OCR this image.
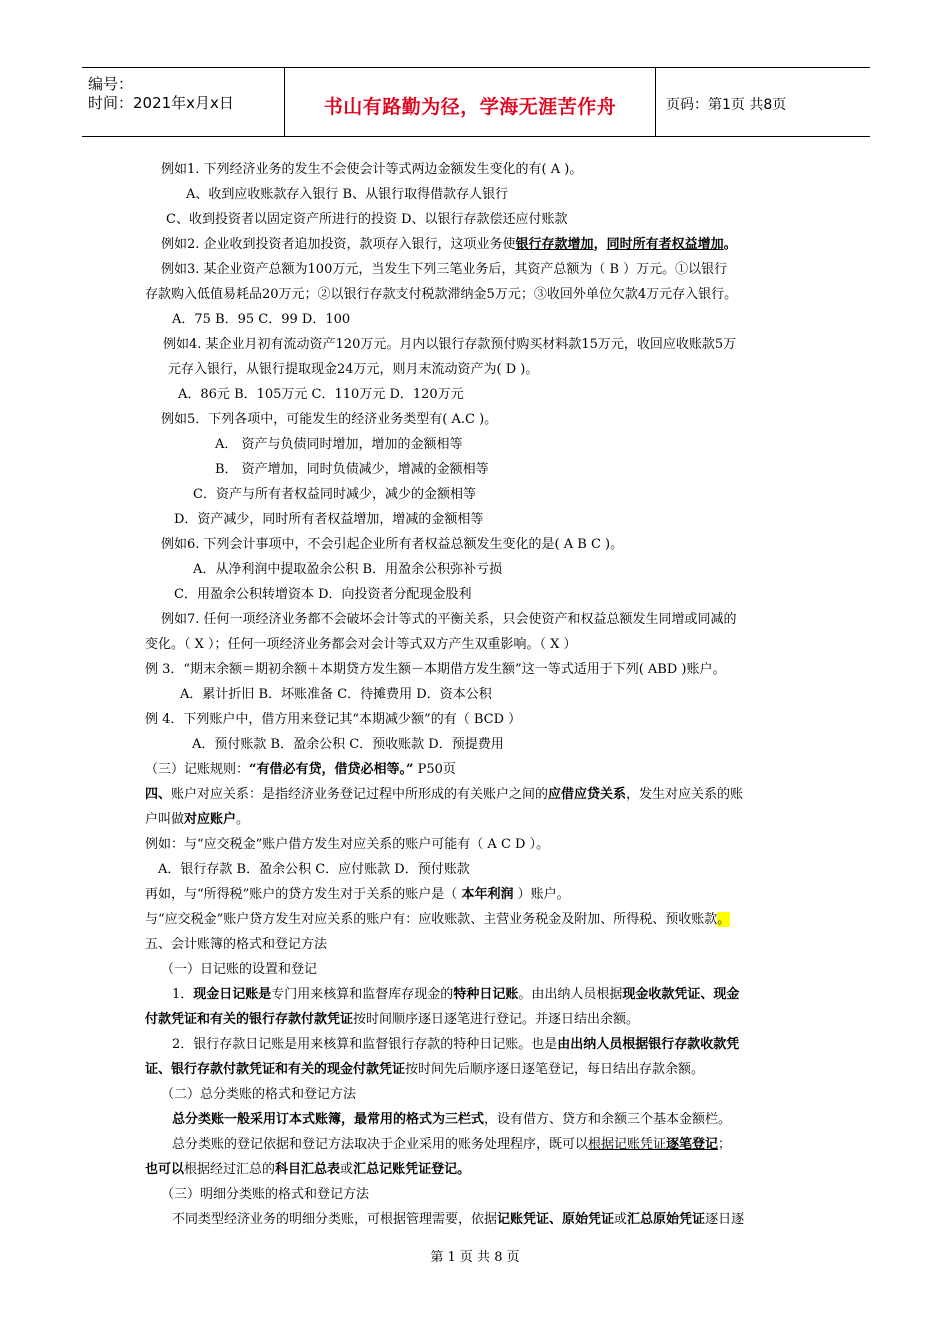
编号：
时间：2021年x月x日	书山有路勤为径，学海无涯苦作舟	页码：第1页 共8页
例如1. 下列经济业务的发生不会使会计等式两边金额发生变化的有( A )。
A、收到应收账款存入银行 B、从银行取得借款存人银行
C、收到投资者以固定资产所进行的投资 D、以银行存款偿还应付账款
例如2. 企业收到投资者追加投资，款项存入银行，这项业务使银行存款增加，同时所有者权益增加。
例如3. 某企业资产总额为100万元，当发生下列三笔业务后，其资产总额为（ B ）万元。①以银行
存款购入低值易耗品20万元；②以银行存款支付税款滞纳金5万元；③收回外单位欠款4万元存入银行。
A．75 B．95 C．99 D．100
例如4. 某企业月初有流动资产120万元。月内以银行存款预付购买材料款15万元，收回应收账款5万
元存入银行，从银行提取现金24万元，则月末流动资产为( D )。
A．86元 B．105万元 C．110万元 D．120万元
例如5．下列各项中，可能发生的经济业务类型有( A.C )。
A． 资产与负债同时增加，增加的金额相等
B． 资产增加，同时负债减少，增减的金额相等
C．资产与所有者权益同时减少，减少的金额相等
D．资产减少，同时所有者权益增加，增减的金额相等
例如6. 下列会计事项中，不会引起企业所有者权益总额发生变化的是( A B C )。
A．从净利润中提取盈余公积 B．用盈余公积弥补亏损
C．用盈余公积转增资本 D．向投资者分配现金股利
例如7. 任何一项经济业务都不会破坏会计等式的平衡关系，只会使资产和权益总额发生同增或同减的
变化。（ X ）；任何一项经济业务都会对会计等式双方产生双重影响。（ X ）
例 3．“期末余额＝期初余额＋本期贷方发生额－本期借方发生额”这一等式适用于下列( ABD )账户。
A．累计折旧 B．坏账准备 C．待摊费用 D．资本公积
例 4．下列账户中，借方用来登记其“本期减少额”的有（ BCD ）
A．预付账款 B．盈余公积 C．预收账款 D．预提费用
（三）记账规则：“有借必有贷，借贷必相等。” P50页
四、账户对应关系：是指经济业务登记过程中所形成的有关账户之间的应借应贷关系，发生对应关系的账
户叫做对应账户。
例如：与“应交税金”账户借方发生对应关系的账户可能有（ A C D ）。
A．银行存款 B．盈余公积 C．应付账款 D．预付账款
再如，与“所得税”账户的贷方发生对于关系的账户是（ 本年利润 ）账户。
与“应交税金”账户贷方发生对应关系的账户有：应收账款、主营业务税金及附加、所得税、预收账款。
五、会计账簿的格式和登记方法
（一）日记账的设置和登记
1．现金日记账是专门用来核算和监督库存现金的特种日记账。由出纳人员根据现金收款凭证、现金
付款凭证和有关的银行存款付款凭证按时间顺序逐日逐笔进行登记。并逐日结出余额。
2．银行存款日记账是用来核算和监督银行存款的特种日记账。也是由出纳人员根据银行存款收款凭
证、银行存款付款凭证和有关的现金付款凭证按时间先后顺序逐日逐笔登记，每日结出存款余额。
（二）总分类账的格式和登记方法
总分类账一般采用订本式账簿，最常用的格式为三栏式，设有借方、贷方和余额三个基本金额栏。
总分类账的登记依据和登记方法取决于企业采用的账务处理程序，既可以根据记账凭证逐笔登记；
也可以根据经过汇总的科目汇总表或汇总记账凭证登记。
（三）明细分类账的格式和登记方法
不同类型经济业务的明细分类账，可根据管理需要，依据记账凭证、原始凭证或汇总原始凭证逐日逐
第 1 页 共 8 页
